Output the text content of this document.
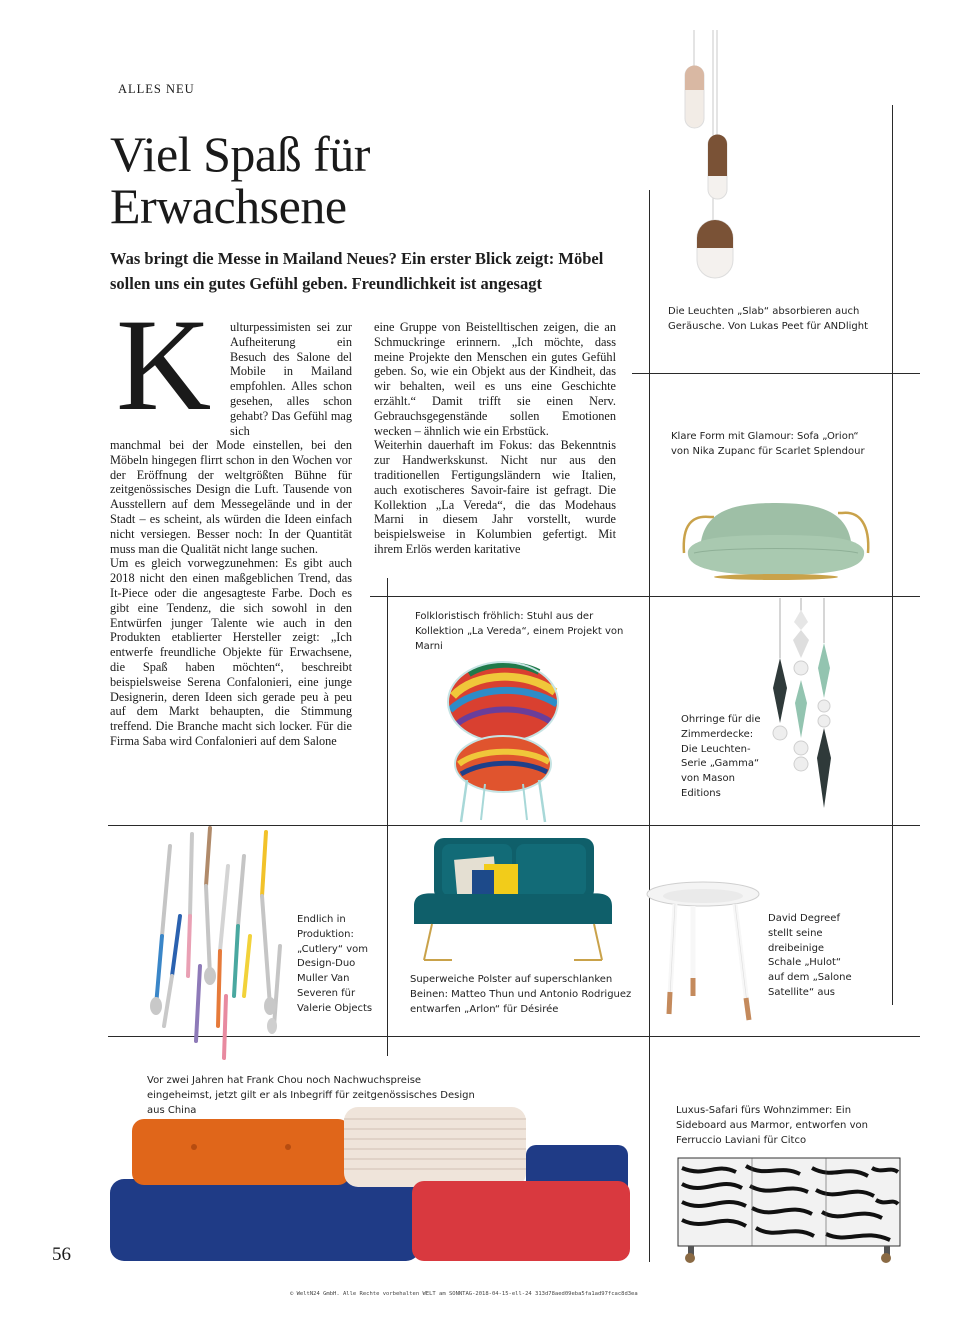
ALLES NEU
Viel Spaß für
Erwachsene

Was bringt die Messe in Mailand Neues? Ein erster Blick zeigt: Möbel sollen uns ein gutes Gefühl geben. Freundlichkeit ist angesagt

K ulturpessimisten sei zur Aufheiterung ein Besuch des Salone del Mobile in Mailand empfohlen. Alles schon gesehen, alles schon gehabt? Das Gefühl mag sich

manchmal bei der Mode einstellen, bei den Möbeln hingegen flirrt schon in den Wochen vor der Eröffnung der weltgrößten Bühne für zeitgenössisches Design die Luft. Tausende von Ausstellern auf dem Messegelände und in der Stadt – es scheint, als würden die Ideen einfach nicht versiegen. Besser noch: In der Quantität muss man die Qualität nicht lange suchen.

Um es gleich vorwegzunehmen: Es gibt auch 2018 nicht den einen maßgeblichen Trend, das It-Piece oder die angesagteste Farbe. Doch es gibt eine Tendenz, die sich sowohl in den Entwürfen junger Talente wie auch in den Produkten etablierter Hersteller zeigt: „Ich entwerfe freundliche Objekte für Erwachsene, die Spaß haben möchten“, beschreibt beispielsweise Serena Confalonieri, eine junge Designerin, deren Ideen sich gerade peu à peu auf dem Markt behaupten, die Stimmung treffend. Die Branche macht sich locker. Für die Firma Saba wird Confalonieri auf dem Salone

eine Gruppe von Beistelltischen zeigen, die an Schmuckringe erinnern. „Ich möchte, dass meine Projekte den Menschen ein gutes Gefühl geben. So, wie ein Objekt aus der Kindheit, das wir behalten, weil es uns eine Geschichte erzählt.“ Damit trifft sie einen Nerv. Gebrauchsgegenstände sollen Emotionen wecken – ähnlich wie ein Erbstück.

Weiterhin dauerhaft im Fokus: das Bekenntnis zur Handwerkskunst. Nicht nur aus den traditionellen Fertigungsländern wie Italien, auch exotischeres Savoir-faire ist gefragt. Die Kollektion „La Vereda“, die das Modehaus Marni in diesem Jahr vorstellt, wurde beispielsweise in Kolumbien gefertigt. Mit ihrem Erlös werden karitative

Die Leuchten „Slab“ absorbieren auch Geräusche. Von Lukas Peet für ANDlight

Klare Form mit Glamour: Sofa „Orion“ von Nika Zupanc für Scarlet Splendour

Folkloristisch fröhlich: Stuhl aus der Kollektion „La Vereda“, einem Projekt von Marni

Ohrringe für die Zimmerdecke: Die Leuchten-Serie „Gamma“ von Mason Editions

Endlich in Produktion: „Cutlery“ vom Design-Duo Muller Van Severen für Valerie Objects

Superweiche Polster auf superschlanken Beinen: Matteo Thun und Antonio Rodriguez entwarfen „Arlon“ für Désirée

David Degreef stellt seine dreibeinige Schale „Hulot“ auf dem „Salone Satellite“ aus

Vor zwei Jahren hat Frank Chou noch Nachwuchspreise eingeheimst, jetzt gilt er als Inbegriff für zeitgenössisches Design aus China	Luxus-Safari fürs Wohnzimmer: Ein Sideboard aus Marmor, entworfen von Ferruccio Laviani für Citco

56
© WeltN24 GmbH. Alle Rechte vorbehalten WELT am SONNTAG-2018-04-15-ell-24 313d78aed09eba5fa1ad97fcac8d3ea
